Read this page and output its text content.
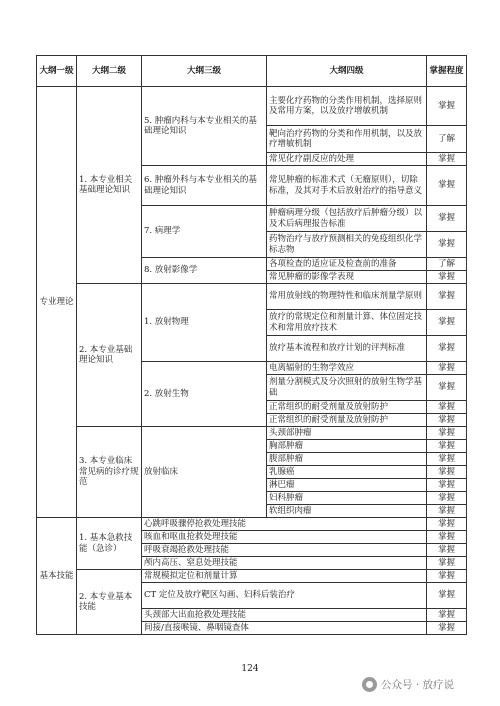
大纲一级	大纲二级	大纲三级	大纲四级	掌握程度
专业理论	1. 本专业相关基础理论知识	5. 肿瘤内科与本专业相关的基础理论知识	主要化疗药物的分类作用机制，选择原则及常用方案，以及放疗增敏机制	掌握
			靶向治疗药物的分类和作用机制，以及放疗增敏机制	了解
			常见化疗副反应的处理	掌握
		6. 肿瘤外科与本专业相关的基础理论知识	常见肿瘤的标准术式（无瘤原则），切除标准，及其对手术后放射治疗的指导意义	掌握
		7. 病理学	肿瘤病理分级（包括放疗后肿瘤分级）以及术后病理报告标准	掌握
			药物治疗与放疗预测相关的免疫组织化学标志物	掌握
		8. 放射影像学	各项检查的适应证及检查前的准备	了解
			常见肿瘤的影像学表现	掌握
	2. 本专业基础理论知识	1. 放射物理	常用放射线的物理特性和临床剂量学原则	掌握
			放疗的常规定位和剂量计算、体位固定技术和常用放疗技术	掌握
			放疗基本流程和放疗计划的评判标准	掌握
		2. 放射生物	电离辐射的生物学效应	掌握
			剂量分割模式及分次照射的放射生物学基础	掌握
			正常组织的耐受剂量及放射防护	掌握
			正常组织的耐受剂量及放射防护	掌握
	3. 本专业临床常见病的诊疗规范	放射临床	头颈部肿瘤	掌握
			胸部肿瘤	掌握
			腹部肿瘤	掌握
			乳腺癌	掌握
			淋巴瘤	掌握
			妇科肿瘤	掌握
			软组织肉瘤	掌握
基本技能	1. 基本急救技能（急诊）	心跳呼吸骤停抢救处理技能		掌握
		咳血和呕血抢救处理技能		掌握
		呼吸衰竭抢救处理技能		掌握
		颅内高压、窒息处理技能		掌握
	2. 本专业基本技能	常规模拟定位和剂量计算		掌握
		CT 定位及放疗靶区勾画、妇科后装治疗		掌握
		头颈部大出血抢救处理技能		掌握
		间接/直接喉镜、鼻咽镜查体		掌握
124
公众号 · 放疗说
